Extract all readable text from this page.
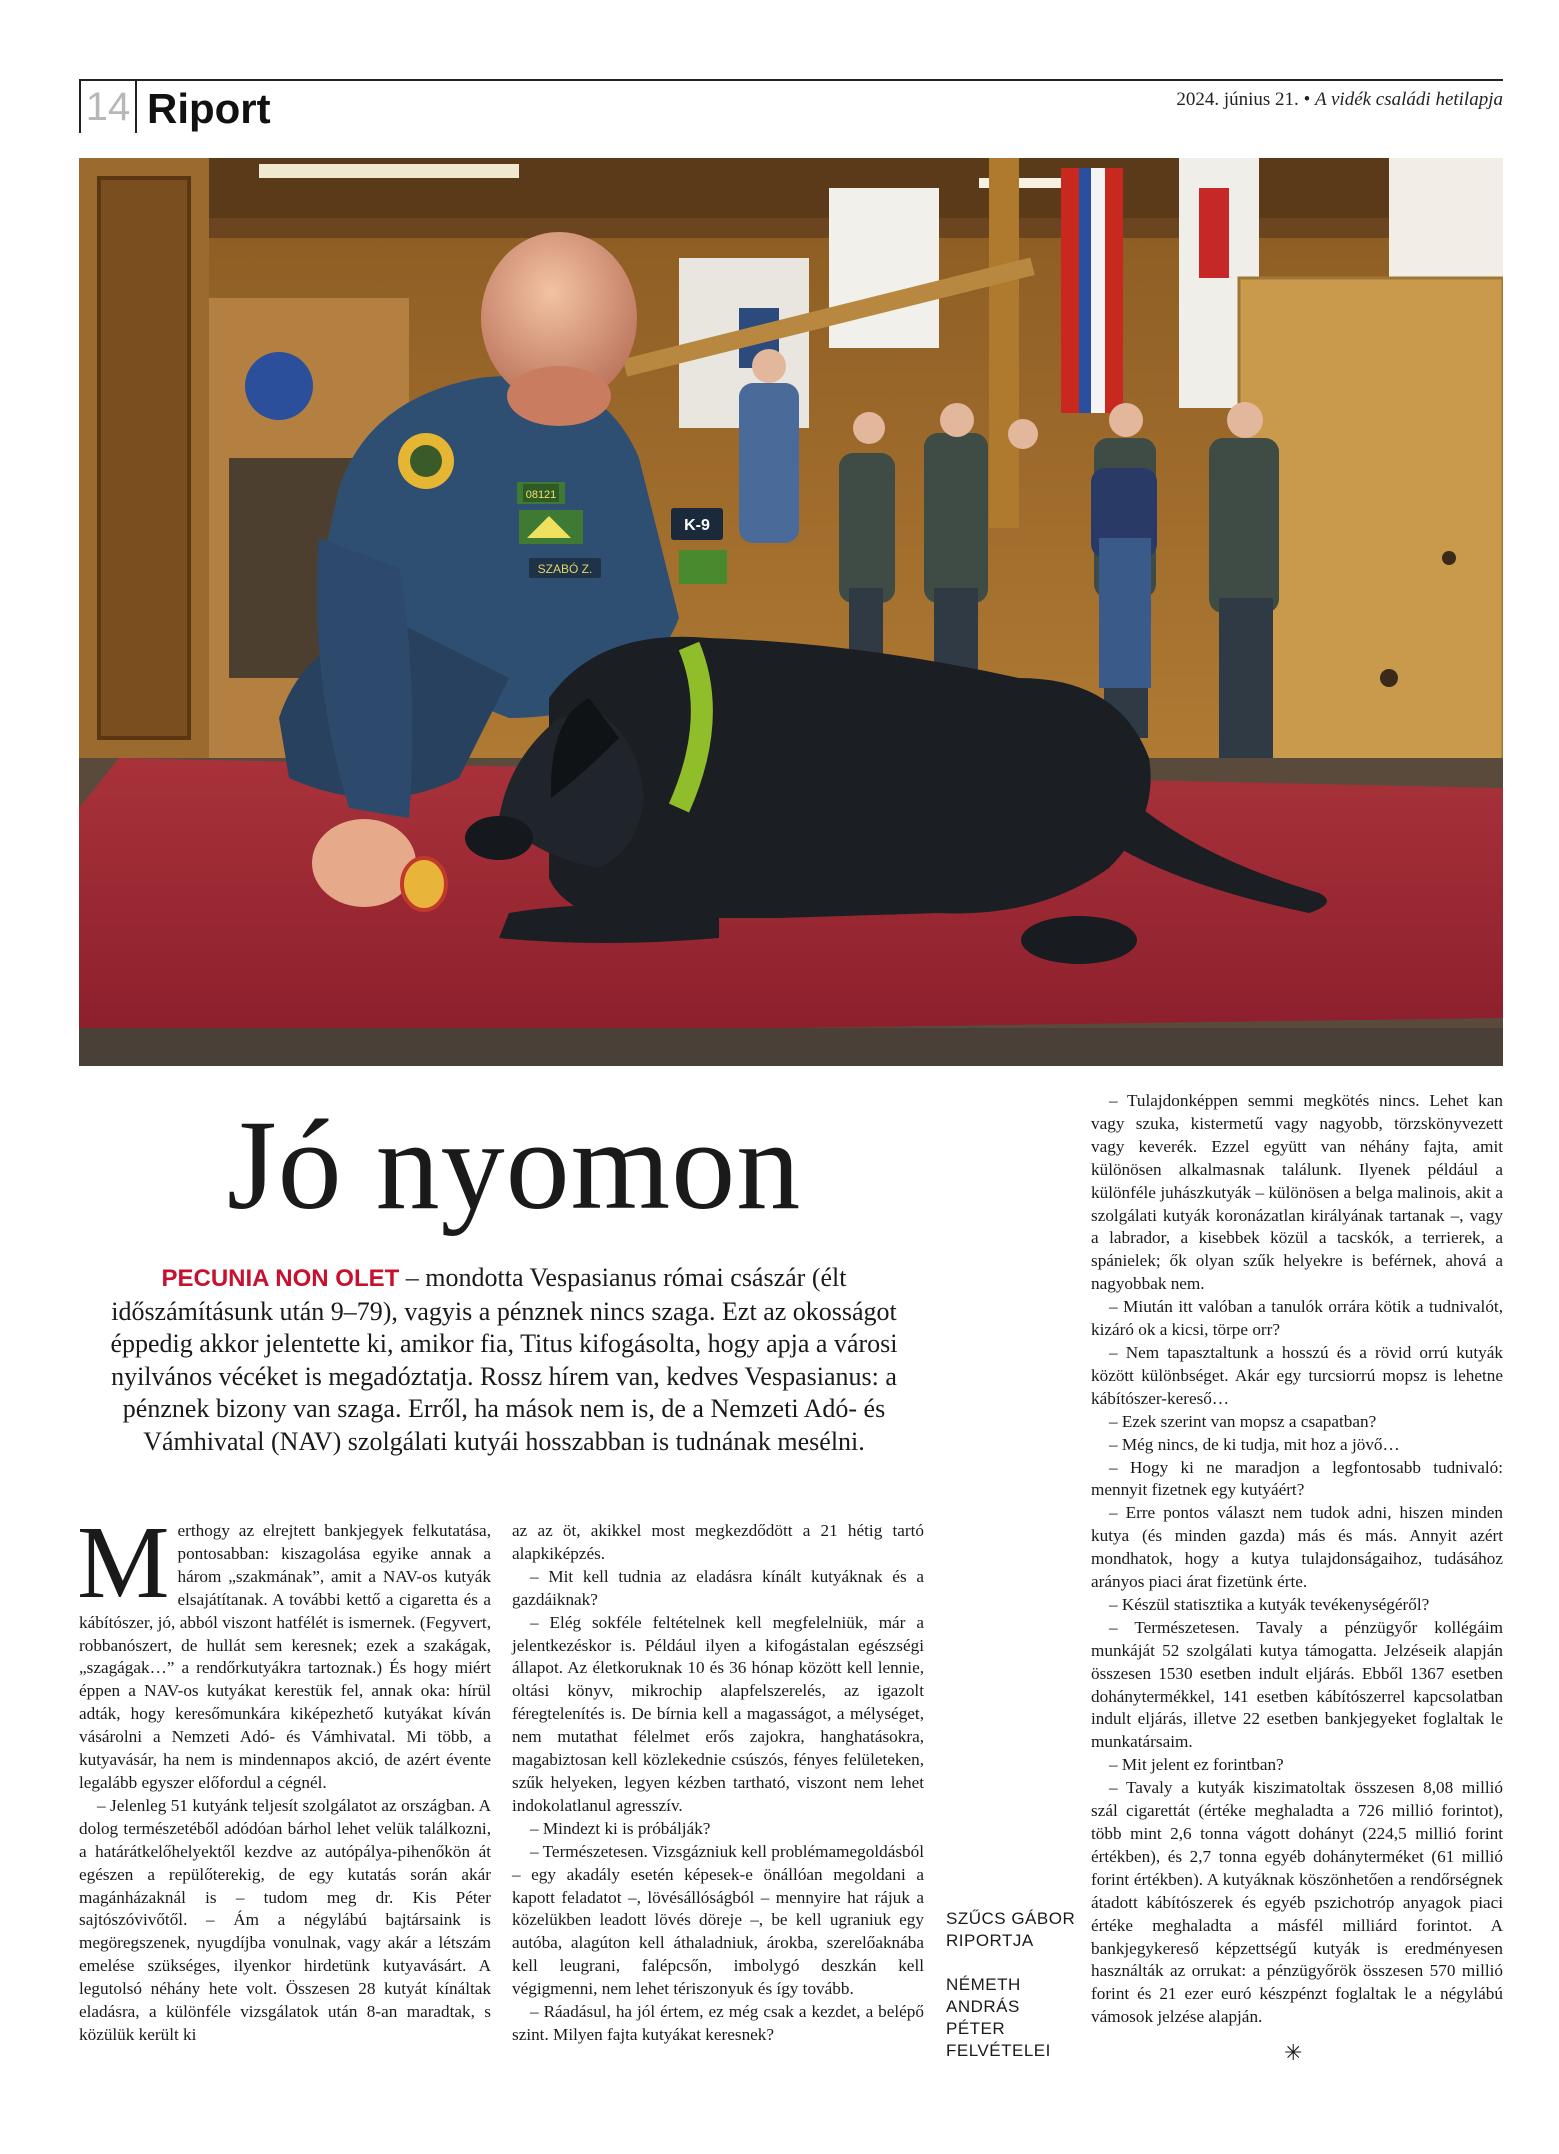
14 Riport	2024. június 21. • A vidék családi hetilapja
08121
K-9
SZABÓ Z.
Jó nyomon

PECUNIA NON OLET – mondotta Vespasianus római császár (élt időszámításunk után 9–79), vagyis a pénznek nincs szaga. Ezt az okosságot éppedig akkor jelentette ki, amikor fia, Titus kifogásolta, hogy apja a városi nyilvános vécéket is megadóztatja. Rossz hírem van, kedves Vespasianus: a pénznek bizony van szaga. Erről, ha mások nem is, de a Nemzeti Adó- és Vámhivatal (NAV) szolgálati kutyái hosszabban is tudnának mesélni.

Merthogy az elrejtett bankjegyek felkutatása, pontosabban: kiszagolása egyike annak a három „szakmának”, amit a NAV-os kutyák elsajátítanak. A további kettő a cigaretta és a kábítószer, jó, abból viszont hatfélét is ismernek. (Fegyvert, robbanószert, de hullát sem keresnek; ezek a szakágak, „szagágak…” a rendőrkutyákra tartoznak.) És hogy miért éppen a NAV-os kutyákat kerestük fel, annak oka: hírül adták, hogy keresőmunkára kiképezhető kutyákat kíván vásárolni a Nemzeti Adó- és Vámhivatal. Mi több, a kutyavásár, ha nem is mindennapos akció, de azért évente legalább egyszer előfordul a cégnél.

– Jelenleg 51 kutyánk teljesít szolgálatot az országban. A dolog természetéből adódóan bárhol lehet velük találkozni, a határátkelőhelyektől kezdve az autópálya-pihenőkön át egészen a repülőterekig, de egy kutatás során akár magánházaknál is – tudom meg dr. Kis Péter sajtószóvivőtől. – Ám a négylábú bajtársaink is megöregszenek, nyugdíjba vonulnak, vagy akár a létszám emelése szükséges, ilyenkor hirdetünk kutyavásárt. A legutolsó néhány hete volt. Összesen 28 kutyát kínáltak eladásra, a különféle vizsgálatok után 8-an maradtak, s közülük került ki

az az öt, akikkel most megkezdődött a 21 hétig tartó alapkiképzés.

– Mit kell tudnia az eladásra kínált kutyáknak és a gazdáiknak?

– Elég sokféle feltételnek kell megfelelniük, már a jelentkezéskor is. Például ilyen a kifogástalan egészségi állapot. Az életkoruknak 10 és 36 hónap között kell lennie, oltási könyv, mikrochip alapfelszerelés, az igazolt féregtelenítés is. De bírnia kell a magasságot, a mélységet, nem mutathat félelmet erős zajokra, hanghatásokra, magabiztosan kell közlekednie csúszós, fényes felületeken, szűk helyeken, legyen kézben tartható, viszont nem lehet indokolatlanul agresszív.

– Mindezt ki is próbálják?

– Természetesen. Vizsgázniuk kell problémamegoldásból – egy akadály esetén képesek-e önállóan megoldani a kapott feladatot –, lövésállóságból – mennyire hat rájuk a közelükben leadott lövés döreje –, be kell ugraniuk egy autóba, alagúton kell áthaladniuk, árokba, szerelőaknába kell leugrani, falépcsőn, imbolygó deszkán kell végigmenni, nem lehet tériszonyuk és így tovább.

– Ráadásul, ha jól értem, ez még csak a kezdet, a belépő szint. Milyen fajta kutyákat keresnek?

SZŰCS GÁBOR
RIPORTJA
NÉMETH
ANDRÁS
PÉTER
FELVÉTELEI

– Tulajdonképpen semmi megkötés nincs. Lehet kan vagy szuka, kistermetű vagy nagyobb, törzskönyvezett vagy keverék. Ezzel együtt van néhány fajta, amit különösen alkalmasnak találunk. Ilyenek például a különféle juhászkutyák – különösen a belga malinois, akit a szolgálati kutyák koronázatlan királyának tartanak –, vagy a labrador, a kisebbek közül a tacskók, a terrierek, a spánielek; ők olyan szűk helyekre is beférnek, ahová a nagyobbak nem.

– Miután itt valóban a tanulók orrára kötik a tudnivalót, kizáró ok a kicsi, törpe orr?

– Nem tapasztaltunk a hosszú és a rövid orrú kutyák között különbséget. Akár egy turcsiorrú mopsz is lehetne kábítószer-kereső…

– Ezek szerint van mopsz a csapatban?

– Még nincs, de ki tudja, mit hoz a jövő…

– Hogy ki ne maradjon a legfontosabb tudnivaló: mennyit fizetnek egy kutyáért?

– Erre pontos választ nem tudok adni, hiszen minden kutya (és minden gazda) más és más. Annyit azért mondhatok, hogy a kutya tulajdonságaihoz, tudásához arányos piaci árat fizetünk érte.

– Készül statisztika a kutyák tevékenységéről?

– Természetesen. Tavaly a pénzügyőr kollégáim munkáját 52 szolgálati kutya támogatta. Jelzéseik alapján összesen 1530 esetben indult eljárás. Ebből 1367 esetben dohánytermékkel, 141 esetben kábítószerrel kapcsolatban indult eljárás, illetve 22 esetben bankjegyeket foglaltak le munkatársaim.

– Mit jelent ez forintban?

– Tavaly a kutyák kiszimatoltak összesen 8,08 millió szál cigarettát (értéke meghaladta a 726 millió forintot), több mint 2,6 tonna vágott dohányt (224,5 millió forint értékben), és 2,7 tonna egyéb dohányterméket (61 millió forint értékben). A kutyáknak köszönhetően a rendőrségnek átadott kábítószerek és egyéb pszichotróp anyagok piaci értéke meghaladta a másfél milliárd forintot. A bankjegykereső képzettségű kutyák is eredményesen használták az orrukat: a pénzügyőrök összesen 570 millió forint és 21 ezer euró készpénzt foglaltak le a négylábú vámosok jelzése alapján.

✳
